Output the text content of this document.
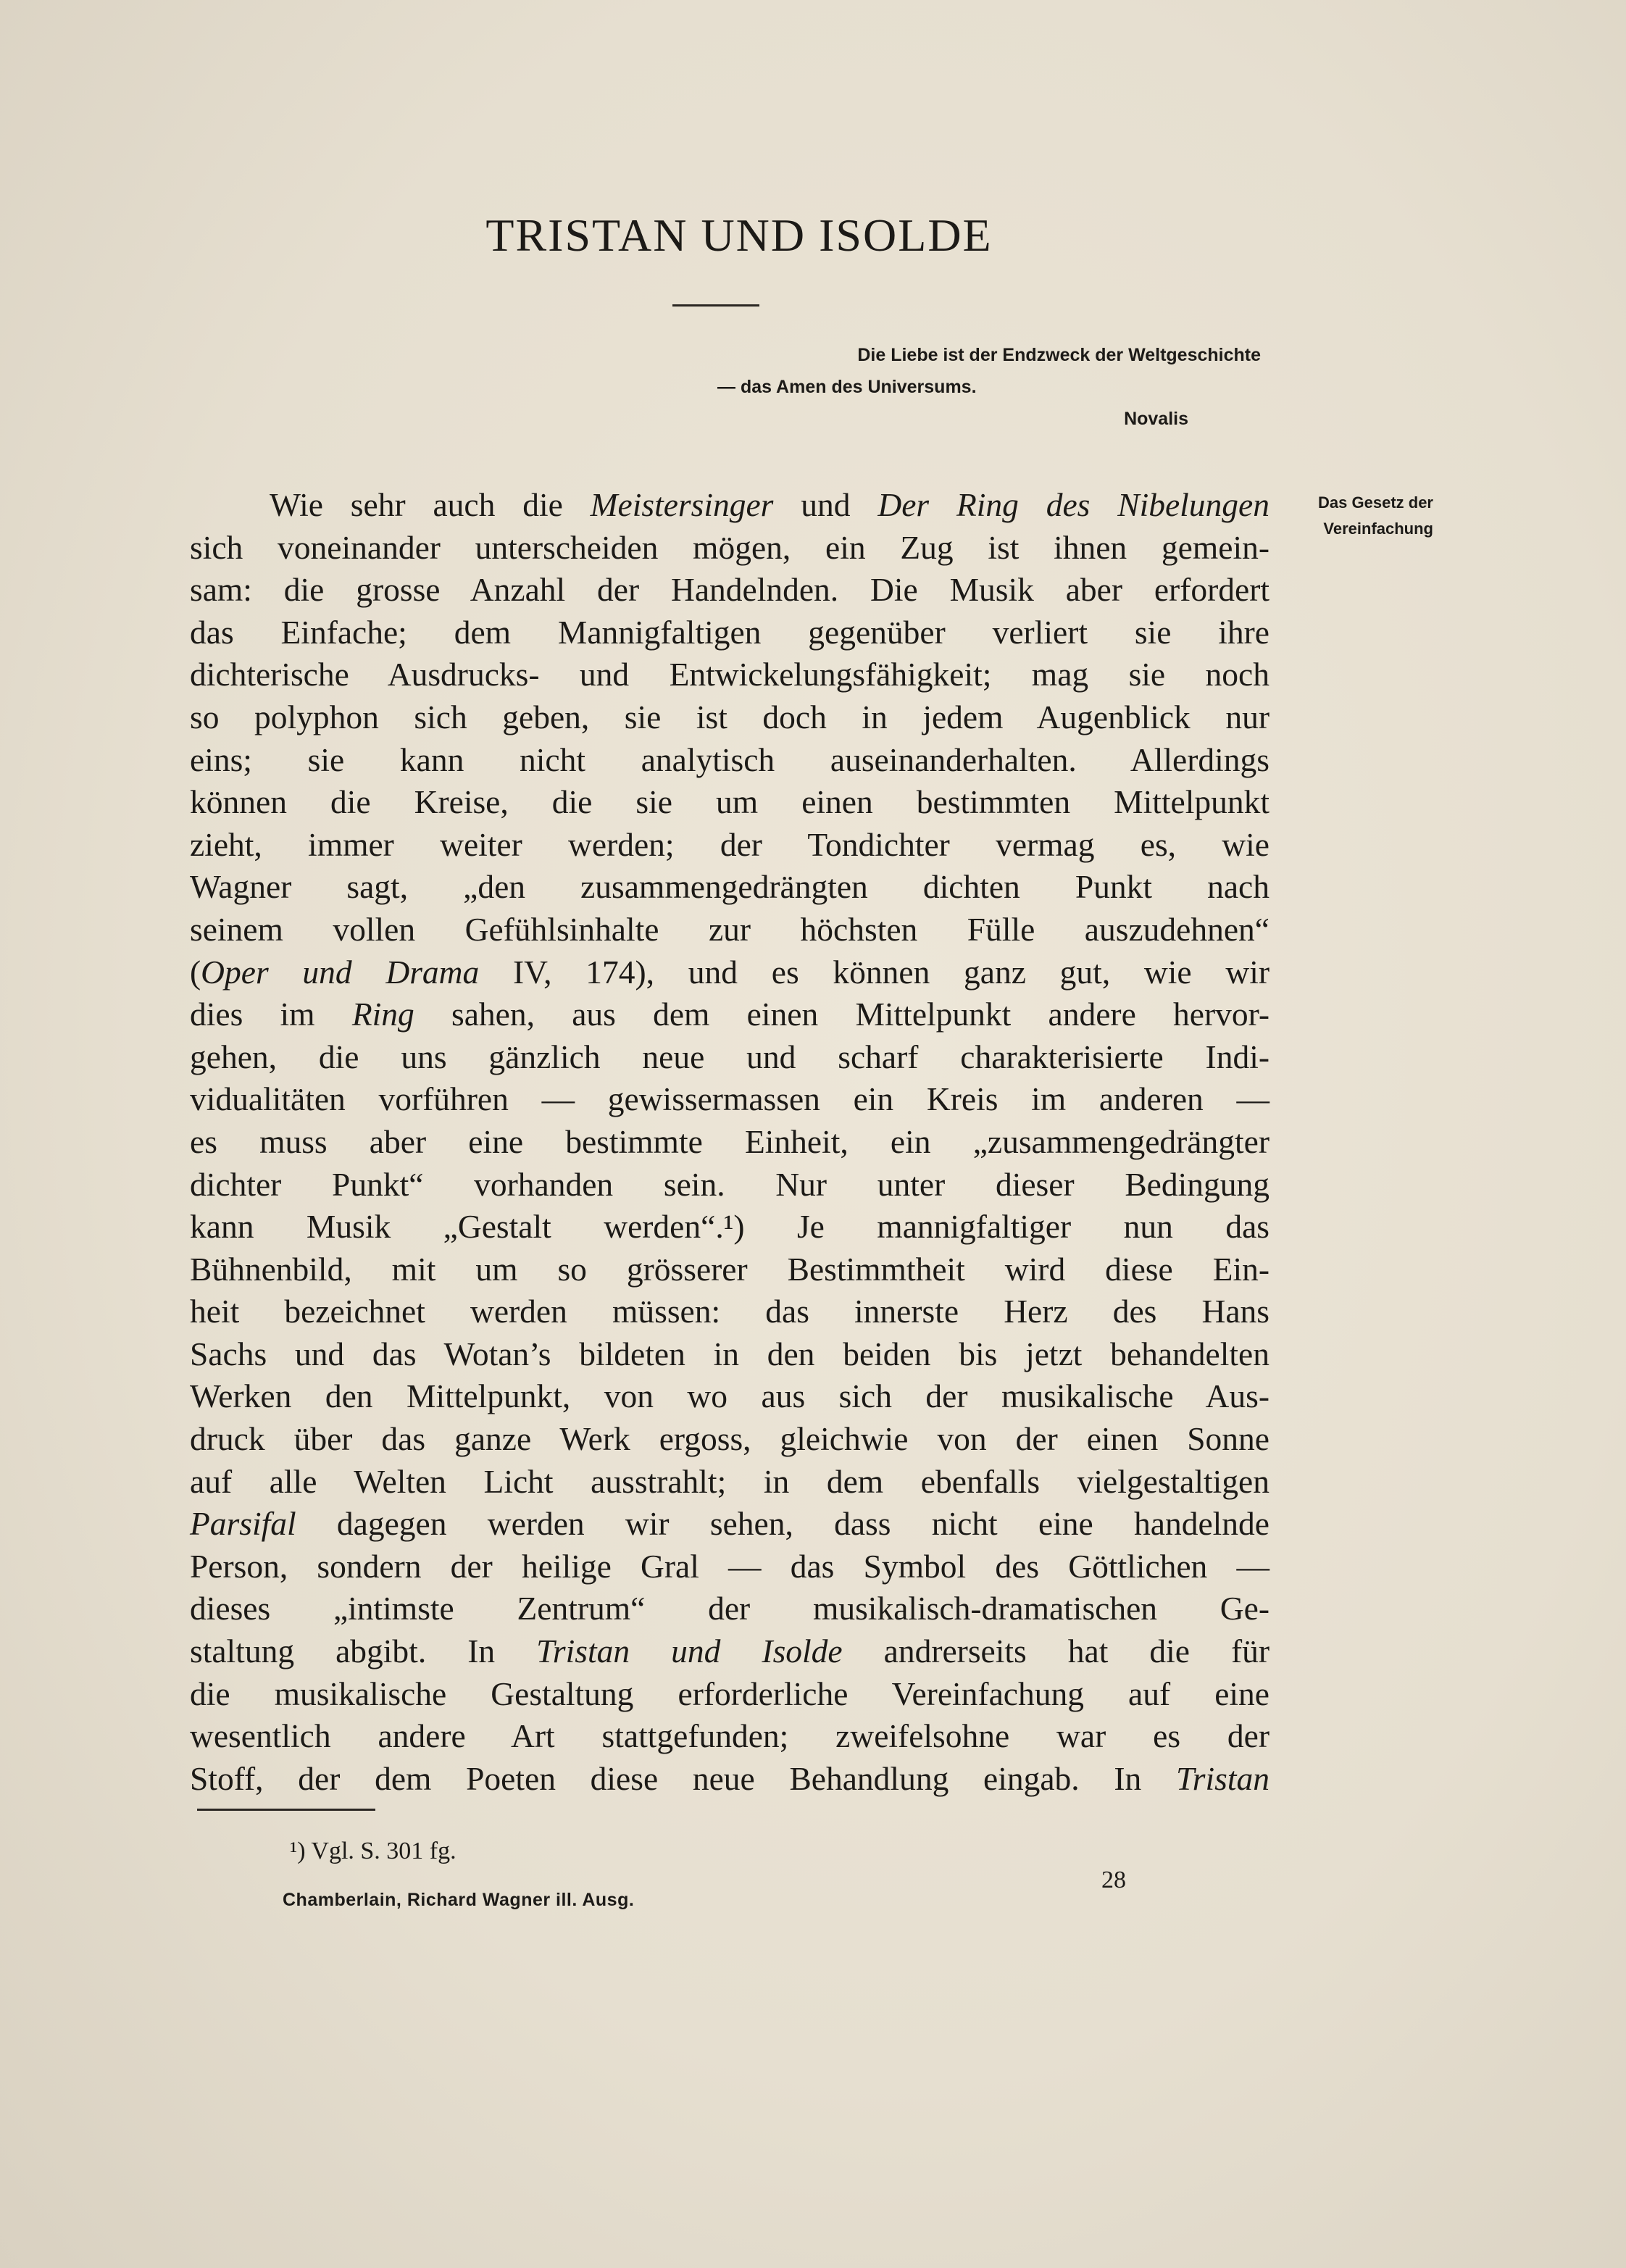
TRISTAN UND ISOLDE
Die Liebe ist der Endzweck der Weltgeschichte
— das Amen des Universums.
Novalis
Das Gesetz der
Vereinfachung
Wie sehr auch die Meistersinger und Der Ring des Nibelungen
sich voneinander unterscheiden mögen, ein Zug ist ihnen gemein-
sam: die grosse Anzahl der Handelnden. Die Musik aber erfordert
das Einfache; dem Mannigfaltigen gegenüber verliert sie ihre
dichterische Ausdrucks- und Entwickelungsfähigkeit; mag sie noch
so polyphon sich geben, sie ist doch in jedem Augenblick nur
eins; sie kann nicht analytisch auseinanderhalten. Allerdings
können die Kreise, die sie um einen bestimmten Mittelpunkt
zieht, immer weiter werden; der Tondichter vermag es, wie
Wagner sagt, „den zusammengedrängten dichten Punkt nach
seinem vollen Gefühlsinhalte zur höchsten Fülle auszudehnen“
(Oper und Drama IV, 174), und es können ganz gut, wie wir
dies im Ring sahen, aus dem einen Mittelpunkt andere hervor-
gehen, die uns gänzlich neue und scharf charakterisierte Indi-
vidualitäten vorführen — gewissermassen ein Kreis im anderen —
es muss aber eine bestimmte Einheit, ein „zusammengedrängter
dichter Punkt“ vorhanden sein. Nur unter dieser Bedingung
kann Musik „Gestalt werden“.¹) Je mannigfaltiger nun das
Bühnenbild, mit um so grösserer Bestimmtheit wird diese Ein-
heit bezeichnet werden müssen: das innerste Herz des Hans
Sachs und das Wotan’s bildeten in den beiden bis jetzt behandelten
Werken den Mittelpunkt, von wo aus sich der musikalische Aus-
druck über das ganze Werk ergoss, gleichwie von der einen Sonne
auf alle Welten Licht ausstrahlt; in dem ebenfalls vielgestaltigen
Parsifal dagegen werden wir sehen, dass nicht eine handelnde
Person, sondern der heilige Gral — das Symbol des Göttlichen —
dieses „intimste Zentrum“ der musikalisch-dramatischen Ge-
staltung abgibt. In Tristan und Isolde andrerseits hat die für
die musikalische Gestaltung erforderliche Vereinfachung auf eine
wesentlich andere Art stattgefunden; zweifelsohne war es der
Stoff, der dem Poeten diese neue Behandlung eingab. In Tristan
¹) Vgl. S. 301 fg.
Chamberlain, Richard Wagner ill. Ausg.
28
